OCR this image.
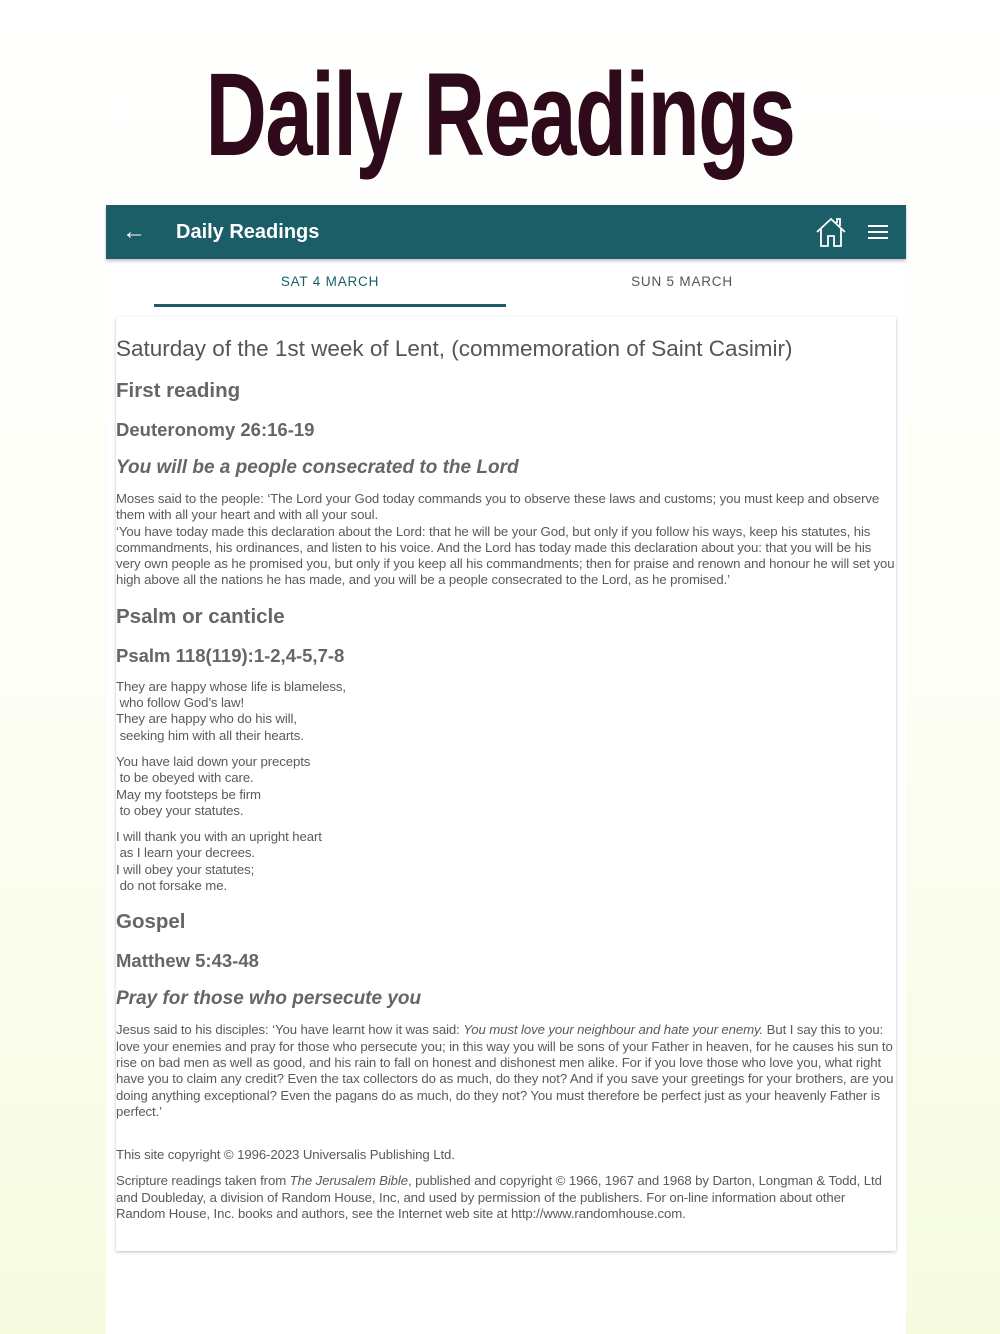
Daily Readings
← Daily Readings
SAT 4 MARCH	SUN 5 MARCH
Saturday of the 1st week of Lent, (commemoration of Saint Casimir)
First reading
Deuteronomy 26:16-19
You will be a people consecrated to the Lord

Moses said to the people: ‘The Lord your God today commands you to observe these laws and customs; you must keep and observe them with all your heart and with all your soul.
‘You have today made this declaration about the Lord: that he will be your God, but only if you follow his ways, keep his statutes, his commandments, his ordinances, and listen to his voice. And the Lord has today made this declaration about you: that you will be his very own people as he promised you, but only if you keep all his commandments; then for praise and renown and honour he will set you high above all the nations he has made, and you will be a people consecrated to the Lord, as he promised.’

Psalm or canticle
Psalm 118(119):1-2,4-5,7-8

They are happy whose life is blameless,
who follow God’s law!
They are happy who do his will,
seeking him with all their hearts.

You have laid down your precepts
to be obeyed with care.
May my footsteps be firm
to obey your statutes.

I will thank you with an upright heart
as I learn your decrees.
I will obey your statutes;
do not forsake me.

Gospel
Matthew 5:43-48
Pray for those who persecute you

Jesus said to his disciples: ‘You have learnt how it was said: You must love your neighbour and hate your enemy. But I say this to you: love your enemies and pray for those who persecute you; in this way you will be sons of your Father in heaven, for he causes his sun to rise on bad men as well as good, and his rain to fall on honest and dishonest men alike. For if you love those who love you, what right have you to claim any credit? Even the tax collectors do as much, do they not? And if you save your greetings for your brothers, are you doing anything exceptional? Even the pagans do as much, do they not? You must therefore be perfect just as your heavenly Father is perfect.’

This site copyright © 1996-2023 Universalis Publishing Ltd.

Scripture readings taken from The Jerusalem Bible, published and copyright © 1966, 1967 and 1968 by Darton, Longman & Todd, Ltd and Doubleday, a division of Random House, Inc, and used by permission of the publishers. For on-line information about other Random House, Inc. books and authors, see the Internet web site at http://www.randomhouse.com.
